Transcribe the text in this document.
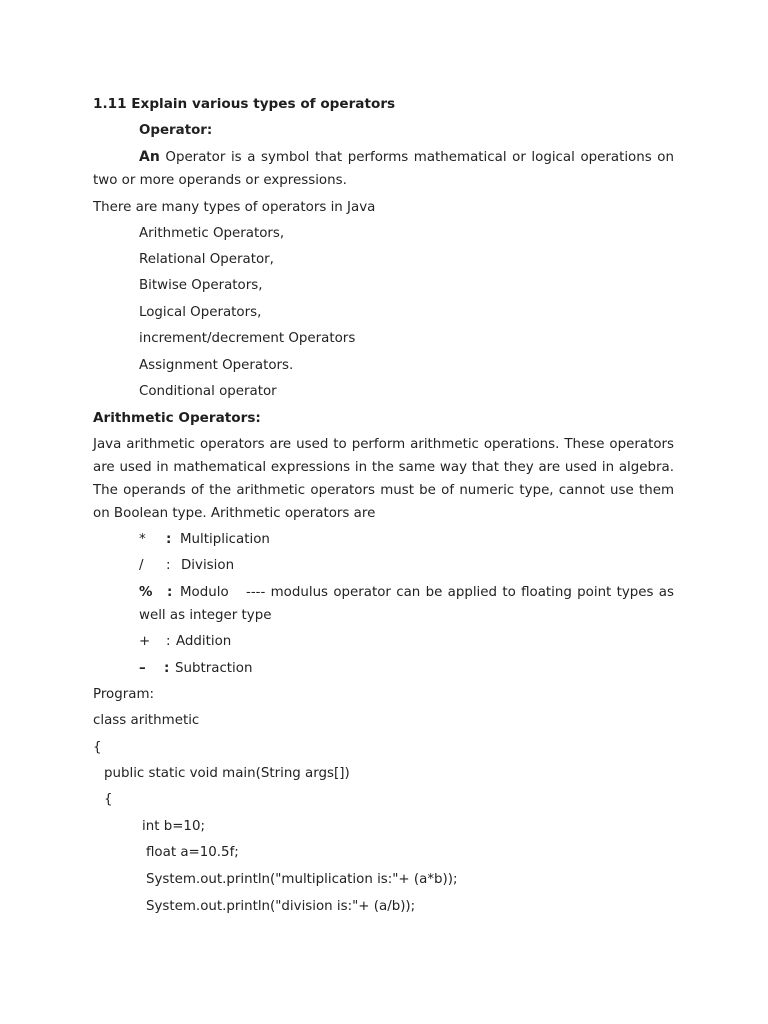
1.11 Explain various types of operators
Operator:
An Operator is a symbol that performs mathematical or logical operations on two or more operands or expressions.
There are many types of operators in Java
Arithmetic Operators,
Relational Operator,
Bitwise Operators,
Logical Operators,
increment/decrement Operators
Assignment Operators.
Conditional operator
Arithmetic Operators:
Java arithmetic operators are used to perform arithmetic operations. These operators are used in mathematical expressions in the same way that they are used in algebra. The operands of the arithmetic operators must be of numeric type, cannot use them on Boolean type. Arithmetic operators are
* : Multiplication
/ : Division
% : Modulo ---- modulus operator can be applied to floating point types as well as integer type
+ : Addition
– : Subtraction
Program:
class arithmetic
{
public static void main(String args[])
{
int b=10;
float a=10.5f;
System.out.println("multiplication is:"+ (a*b));
System.out.println("division is:"+ (a/b));
